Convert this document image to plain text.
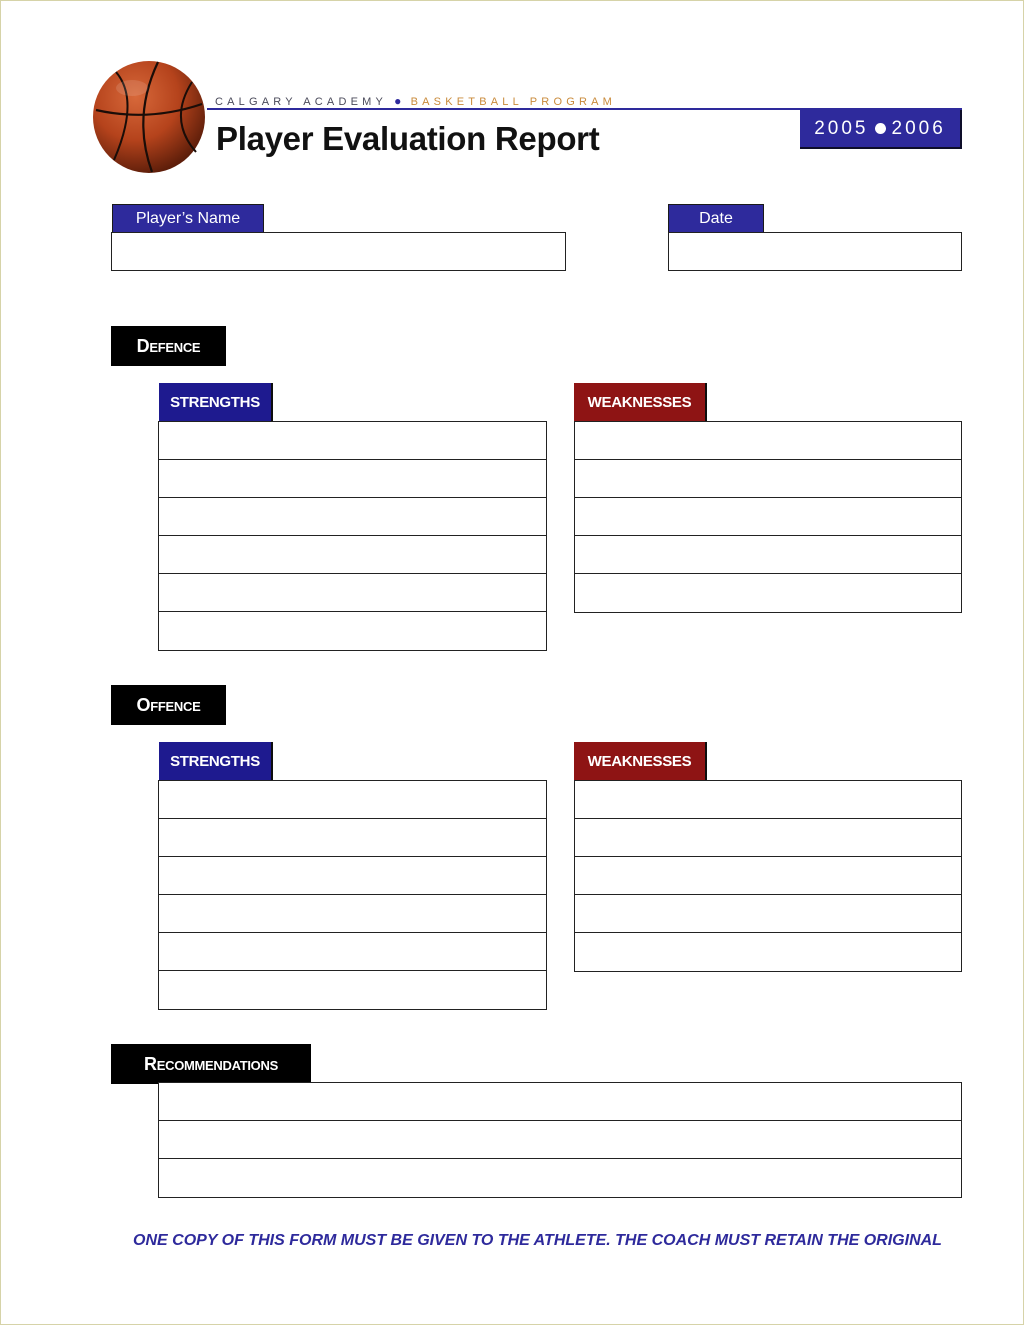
CALGARY ACADEMY ● BASKETBALL PROGRAM
Player Evaluation Report	2005 2006
Player’s Name	Date
Defence
STRENGTHS	WEAKNESSES
Offence
STRENGTHS	WEAKNESSES
Recommendations
ONE COPY OF THIS FORM MUST BE GIVEN TO THE ATHLETE. THE COACH MUST RETAIN THE ORIGINAL
